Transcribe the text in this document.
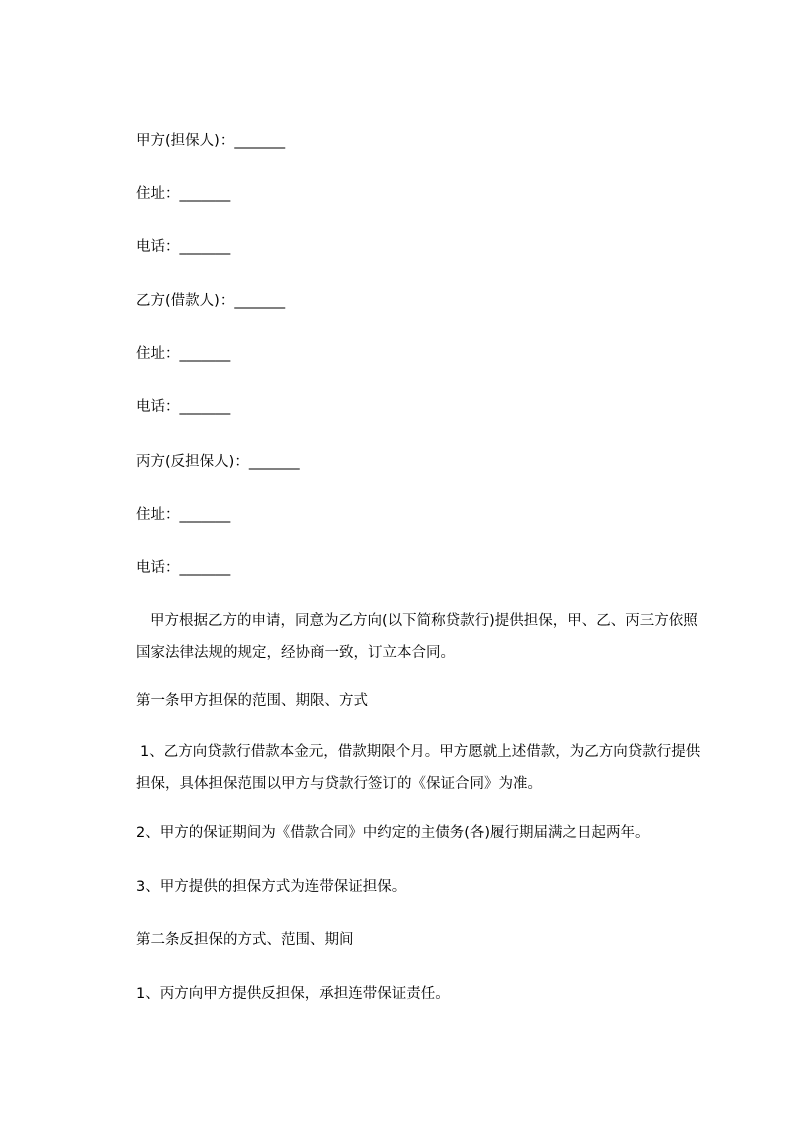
甲方(担保人)：_______
住址：_______
电话：_______
乙方(借款人)：_______
住址：_______
电话：_______
丙方(反担保人)：_______
住址：_______
电话：_______
甲方根据乙方的申请，同意为乙方向(以下简称贷款行)提供担保，甲、乙、丙三方依照国家法律法规的规定，经协商一致，订立本合同。
第一条甲方担保的范围、期限、方式
1、乙方向贷款行借款本金元，借款期限个月。甲方愿就上述借款，为乙方向贷款行提供担保，具体担保范围以甲方与贷款行签订的《保证合同》为准。
2、甲方的保证期间为《借款合同》中约定的主债务(各)履行期届满之日起两年。
3、甲方提供的担保方式为连带保证担保。
第二条反担保的方式、范围、期间
1、丙方向甲方提供反担保，承担连带保证责任。
